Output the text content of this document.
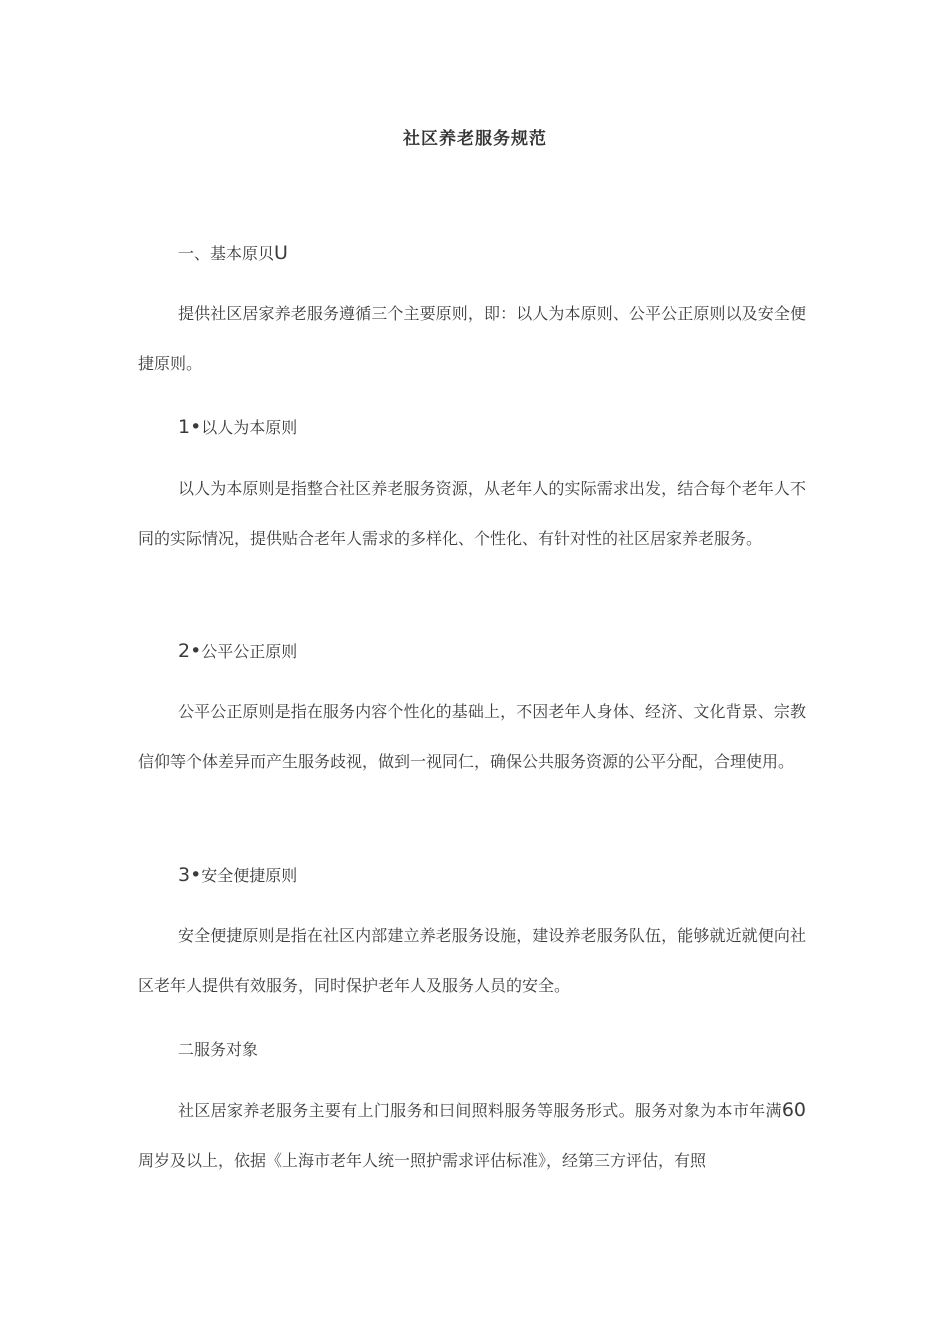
社区养老服务规范
一、基本原贝U

提供社区居家养老服务遵循三个主要原则，即：以人为本原则、公平公正原则以及安全便捷原则。

1•以人为本原则

以人为本原则是指整合社区养老服务资源，从老年人的实际需求出发，结合每个老年人不同的实际情况，提供贴合老年人需求的多样化、个性化、有针对性的社区居家养老服务。

2•公平公正原则

公平公正原则是指在服务内容个性化的基础上，不因老年人身体、经济、文化背景、宗教信仰等个体差异而产生服务歧视，做到一视同仁，确保公共服务资源的公平分配，合理使用。

3•安全便捷原则

安全便捷原则是指在社区内部建立养老服务设施，建设养老服务队伍，能够就近就便向社区老年人提供有效服务，同时保护老年人及服务人员的安全。

二服务对象

社区居家养老服务主要有上门服务和曰间照料服务等服务形式。服务对象为本市年满60周岁及以上，依据《上海市老年人统一照护需求评估标准》，经第三方评估，有照
